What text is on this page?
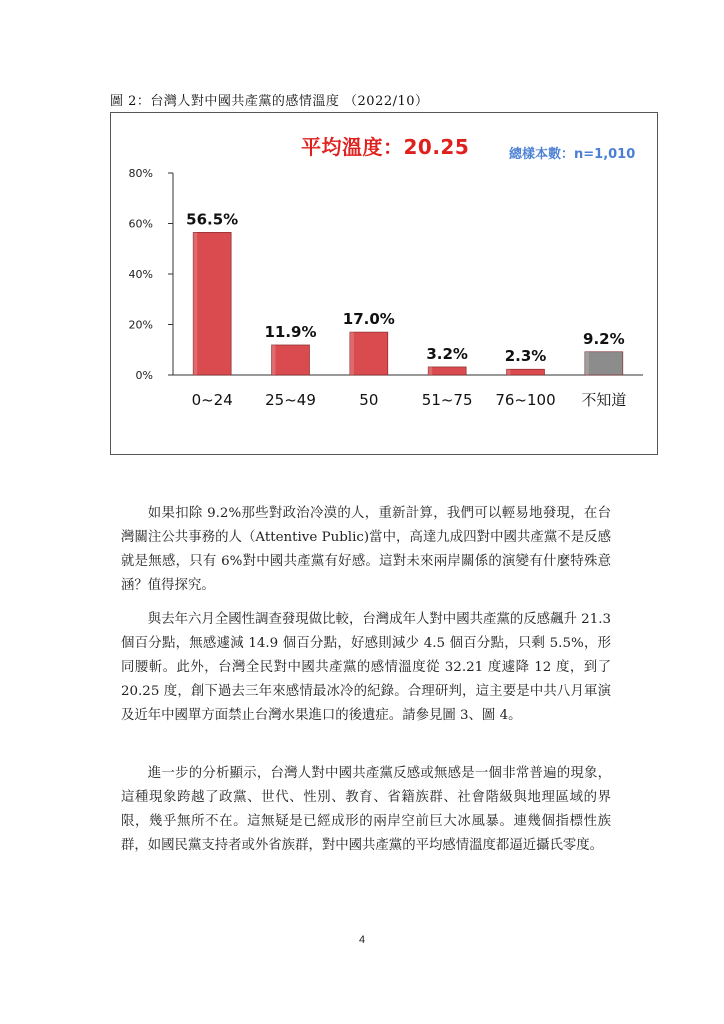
圖 2：台灣人對中國共產黨的感情溫度 （2022/10）
0%
20%
40%
60%
80%
56.5%
0~24
11.9%
25~49
17.0%
50
3.2%
51~75
2.3%
76~100
9.2%
不知道
平均溫度：20.25	總樣本數：n=1,010

如果扣除 9.2%那些對政治冷漠的人，重新計算，我們可以輕易地發現，在台灣關注公共事務的人（Attentive Public)當中，高達九成四對中國共產黨不是反感就是無感，只有 6%對中國共產黨有好感。這對未來兩岸關係的演變有什麼特殊意涵？值得探究。

與去年六月全國性調查發現做比較，台灣成年人對中國共產黨的反感飆升 21.3 個百分點，無感遽減 14.9 個百分點，好感則減少 4.5 個百分點，只剩 5.5%，形同腰斬。此外，台灣全民對中國共產黨的感情溫度從 32.21 度遽降 12 度，到了 20.25 度，創下過去三年來感情最冰冷的紀錄。合理研判，這主要是中共八月軍演及近年中國單方面禁止台灣水果進口的後遺症。請參見圖 3、圖 4。

進一步的分析顯示，台灣人對中國共產黨反感或無感是一個非常普遍的現象，這種現象跨越了政黨、世代、性別、教育、省籍族群、社會階級與地理區域的界限，幾乎無所不在。這無疑是已經成形的兩岸空前巨大冰風暴。連幾個指標性族群，如國民黨支持者或外省族群，對中國共產黨的平均感情溫度都逼近攝氏零度。

4
